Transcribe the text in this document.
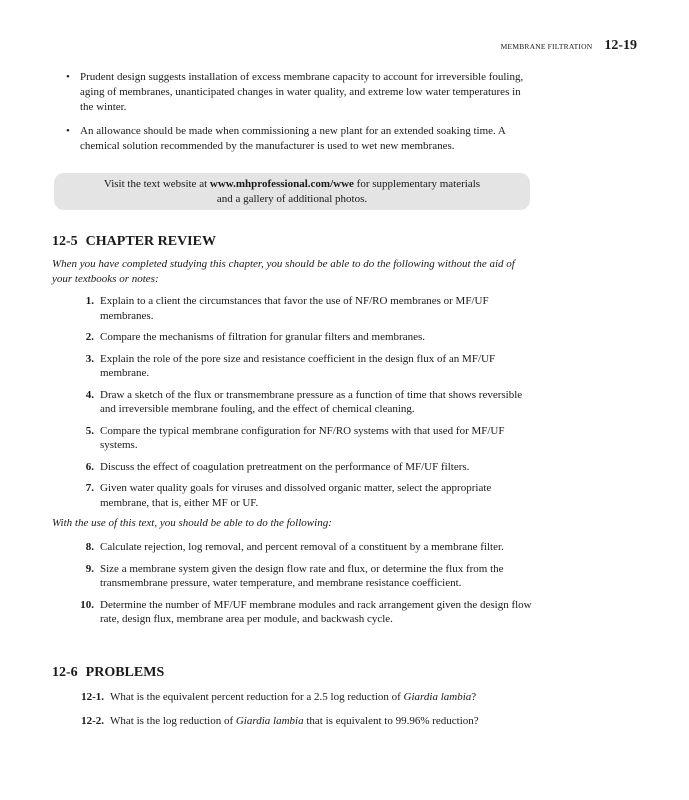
MEMBRANE FILTRATION 12-19
• Prudent design suggests installation of excess membrane capacity to account for irreversible fouling, aging of membranes, unanticipated changes in water quality, and extreme low water temperatures in the winter.
• An allowance should be made when commissioning a new plant for an extended soaking time. A chemical solution recommended by the manufacturer is used to wet new membranes.
Visit the text website at www.mhprofessional.com/wwe for supplementary materials
and a gallery of additional photos.
12-5 CHAPTER REVIEW

When you have completed studying this chapter, you should be able to do the following without the aid of your textbooks or notes:

1. Explain to a client the circumstances that favor the use of NF/RO membranes or MF/UF membranes.
2. Compare the mechanisms of filtration for granular filters and membranes.
3. Explain the role of the pore size and resistance coefficient in the design flux of an MF/UF membrane.
4. Draw a sketch of the flux or transmembrane pressure as a function of time that shows reversible and irreversible membrane fouling, and the effect of chemical cleaning.
5. Compare the typical membrane configuration for NF/RO systems with that used for MF/UF systems.
6. Discuss the effect of coagulation pretreatment on the performance of MF/UF filters.
7. Given water quality goals for viruses and dissolved organic matter, select the appropriate membrane, that is, either MF or UF.

With the use of this text, you should be able to do the following:

8. Calculate rejection, log removal, and percent removal of a constituent by a membrane filter.
9. Size a membrane system given the design flow rate and flux, or determine the flux from the transmembrane pressure, water temperature, and membrane resistance coefficient.
10. Determine the number of MF/UF membrane modules and rack arrangement given the design flow rate, design flux, membrane area per module, and backwash cycle.
12-6 PROBLEMS
12-1. What is the equivalent percent reduction for a 2.5 log reduction of Giardia lambia?
12-2. What is the log reduction of Giardia lambia that is equivalent to 99.96% reduction?
